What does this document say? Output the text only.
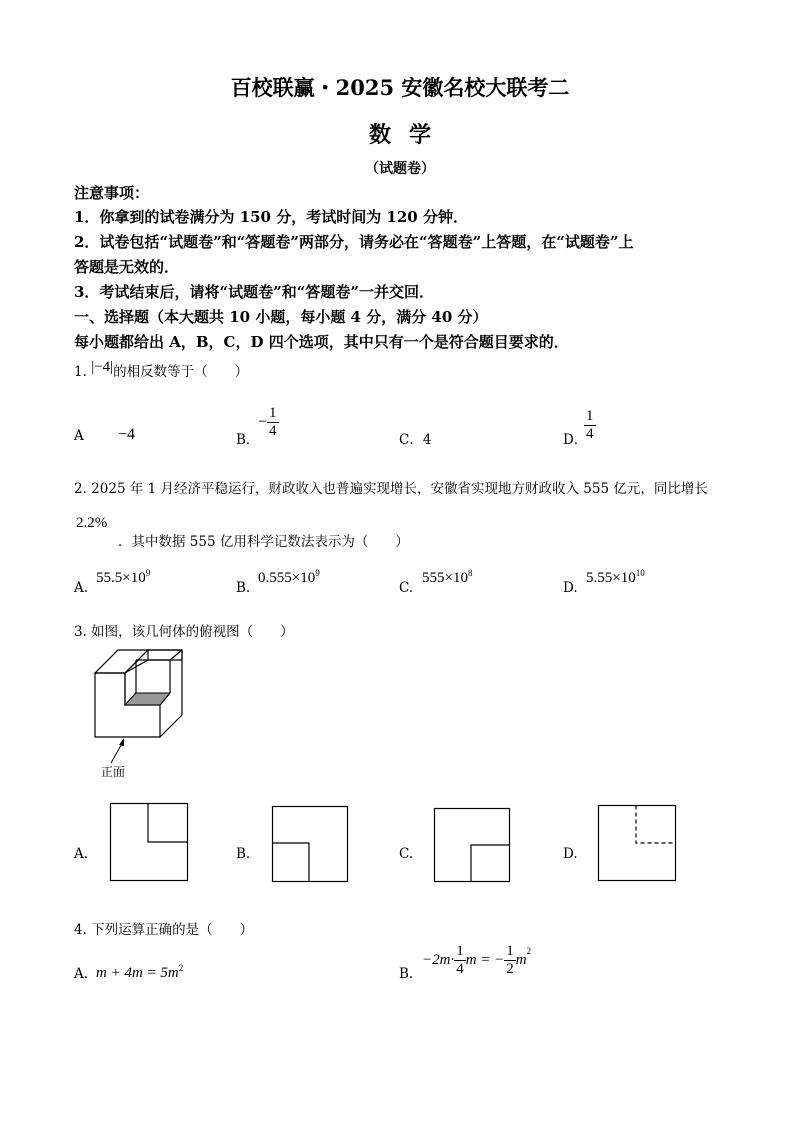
百校联赢・2025 安徽名校大联考二
数学
（试题卷）
注意事项：
1．你拿到的试卷满分为 150 分，考试时间为 120 分钟．
2．试卷包括“试题卷”和“答题卷”两部分，请务必在“答题卷”上答题，在“试题卷”上
答题是无效的．
3．考试结束后，请将“试题卷”和“答题卷”一并交回．
一、选择题（本大题共 10 小题，每小题 4 分，满分 40 分）
每小题都给出 A，B，C，D 四个选项，其中只有一个是符合题目要求的．
1. |−4|的相反数等于（　　）
A −4	B．
− $\frac{1}{4}$	C．4	D．
$\frac{1}{4}$
2. 2025 年 1 月经济平稳运行，财政收入也普遍实现增长，安徽省实现地方财政收入 555 亿元，同比增长
2.2%
．其中数据 555 亿用科学记数法表示为（　　）
A.
$55.5\times 10^9$
B.
$0.555\times 10^9$
C.
$555\times 10^8$
D.
$5.55\times 10^{10}$
3. 如图，该几何体的俯视图（　　）
正面
A.	B.	C.	D.
4. 下列运算正确的是（　　）
A. $m + 4m = 5m^2$	B.
$-2m\cdot \frac{1}{4}$ m = − $\frac{1}{2} m^2$
